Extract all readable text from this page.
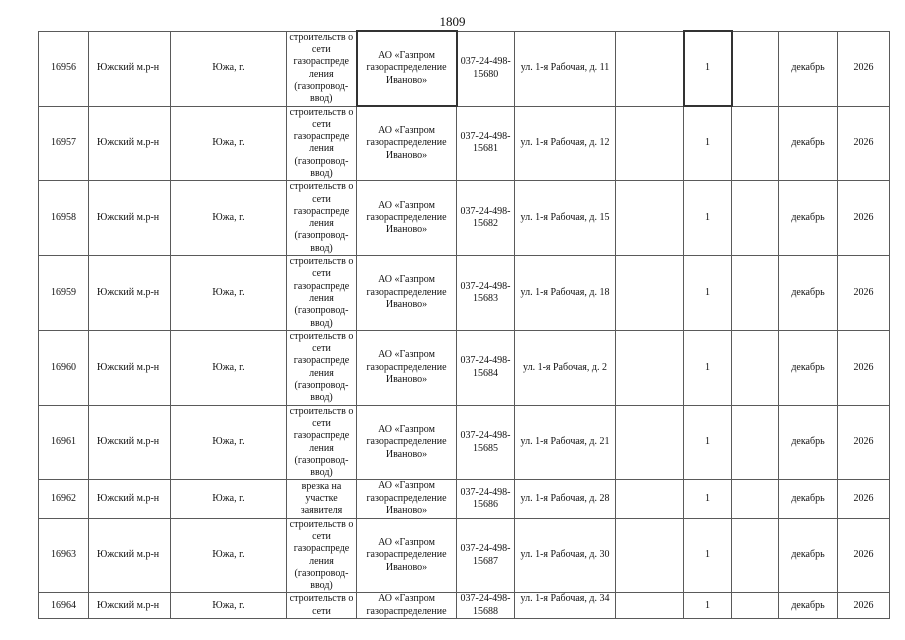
1809
16956	Южский м.р-н	Южа, г.	строительств о сети газораспреде ления (газопровод-ввод)	АО «Газпром газораспределение Иваново»	037-24-498-15680	ул. 1-я Рабочая, д. 11		1		декабрь	2026
16957	Южский м.р-н	Южа, г.	строительств о сети газораспреде ления (газопровод-ввод)	АО «Газпром газораспределение Иваново»	037-24-498-15681	ул. 1-я Рабочая, д. 12		1		декабрь	2026
16958	Южский м.р-н	Южа, г.	строительств о сети газораспреде ления (газопровод-ввод)	АО «Газпром газораспределение Иваново»	037-24-498-15682	ул. 1-я Рабочая, д. 15		1		декабрь	2026
16959	Южский м.р-н	Южа, г.	строительств о сети газораспреде ления (газопровод-ввод)	АО «Газпром газораспределение Иваново»	037-24-498-15683	ул. 1-я Рабочая, д. 18		1		декабрь	2026
16960	Южский м.р-н	Южа, г.	строительств о сети газораспреде ления (газопровод-ввод)	АО «Газпром газораспределение Иваново»	037-24-498-15684	ул. 1-я Рабочая, д. 2		1		декабрь	2026
16961	Южский м.р-н	Южа, г.	строительств о сети газораспреде ления (газопровод-ввод)	АО «Газпром газораспределение Иваново»	037-24-498-15685	ул. 1-я Рабочая, д. 21		1		декабрь	2026
16962	Южский м.р-н	Южа, г.	врезка на участке заявителя	АО «Газпром газораспределение Иваново»	037-24-498-15686	ул. 1-я Рабочая, д. 28		1		декабрь	2026
16963	Южский м.р-н	Южа, г.	строительств о сети газораспреде ления (газопровод-ввод)	АО «Газпром газораспределение Иваново»	037-24-498-15687	ул. 1-я Рабочая, д. 30		1		декабрь	2026
16964	Южский м.р-н	Южа, г.	строительств о сети	АО «Газпром газораспределение	037-24-498-15688	ул. 1-я Рабочая, д. 34		1		декабрь	2026
